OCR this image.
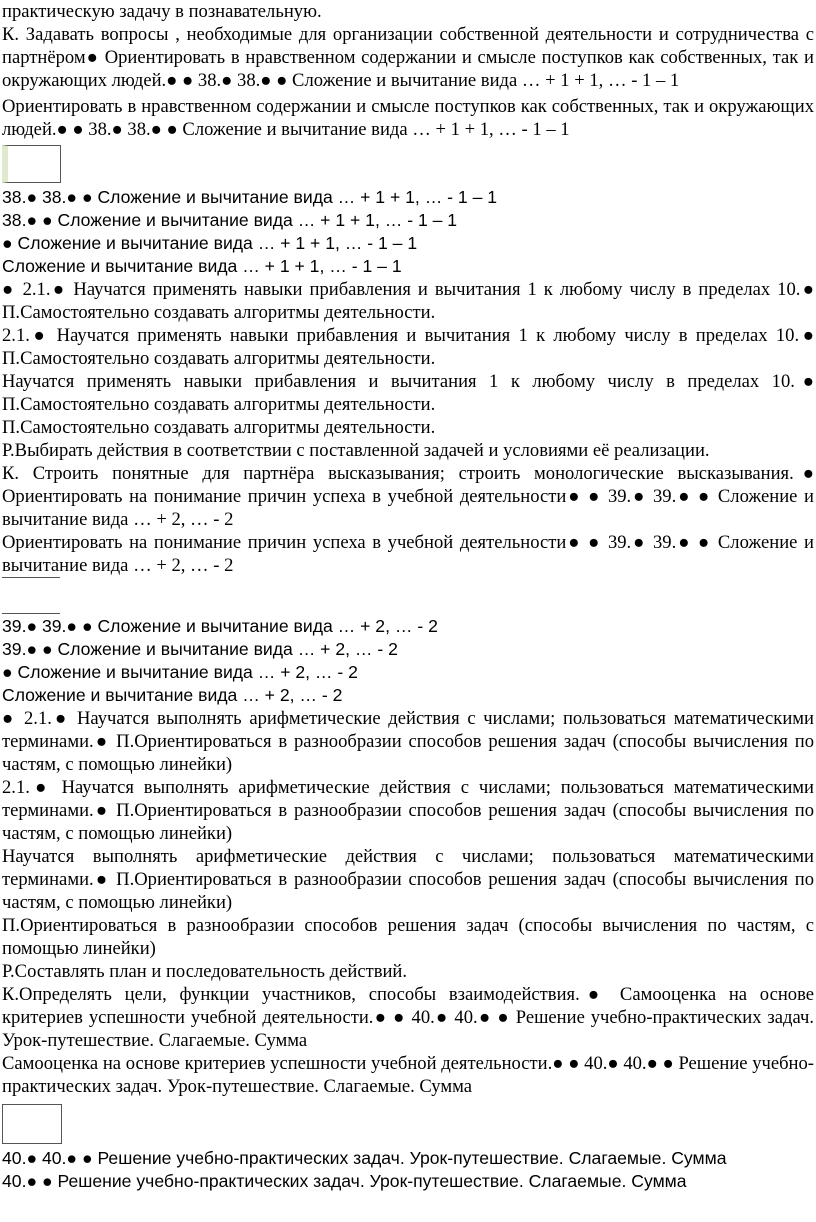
практическую задачу в познавательную.

К. Задавать вопросы , необходимые для организации собственной деятельности и сотрудничества с партнёром● Ориентировать в нравственном содержании и смысле поступков как собственных, так и окружающих людей.● ● 38.● 38.● ● Сложение и вычитание вида … + 1 + 1, … - 1 – 1

Ориентировать в нравственном содержании и смысле поступков как собственных, так и окружающих людей.● ● 38.● 38.● ● Сложение и вычитание вида … + 1 + 1, … - 1 – 1

38.● 38.● ● Сложение и вычитание вида … + 1 + 1, … - 1 – 1

38.● ● Сложение и вычитание вида … + 1 + 1, … - 1 – 1

● Сложение и вычитание вида … + 1 + 1, … - 1 – 1

Сложение и вычитание вида … + 1 + 1, … - 1 – 1

● 2.1.● Научатся применять навыки прибавления и вычитания 1 к любому числу в пределах 10.● П.Самостоятельно создавать алгоритмы деятельности.

2.1.● Научатся применять навыки прибавления и вычитания 1 к любому числу в пределах 10.● П.Самостоятельно создавать алгоритмы деятельности.

Научатся применять навыки прибавления и вычитания 1 к любому числу в пределах 10.● П.Самостоятельно создавать алгоритмы деятельности.

П.Самостоятельно создавать алгоритмы деятельности.

Р.Выбирать действия в соответствии с поставленной задачей и условиями её реализации.

К. Строить понятные для партнёра высказывания; строить монологические высказывания.● Ориентировать на понимание причин успеха в учебной деятельности● ● 39.● 39.● ● Сложение и вычитание вида … + 2, … - 2

Ориентировать на понимание причин успеха в учебной деятельности● ● 39.● 39.● ● Сложение и вычитание вида … + 2, … - 2

39.● 39.● ● Сложение и вычитание вида … + 2, … - 2

39.● ● Сложение и вычитание вида … + 2, … - 2

● Сложение и вычитание вида … + 2, … - 2

Сложение и вычитание вида … + 2, … - 2

● 2.1.● Научатся выполнять арифметические действия с числами; пользоваться математическими терминами.● П.Ориентироваться в разнообразии способов решения задач (способы вычисления по частям, с помощью линейки)

2.1.● Научатся выполнять арифметические действия с числами; пользоваться математическими терминами.● П.Ориентироваться в разнообразии способов решения задач (способы вычисления по частям, с помощью линейки)

Научатся выполнять арифметические действия с числами; пользоваться математическими терминами.● П.Ориентироваться в разнообразии способов решения задач (способы вычисления по частям, с помощью линейки)

П.Ориентироваться в разнообразии способов решения задач (способы вычисления по частям, с помощью линейки)

Р.Составлять план и последовательность действий.

К.Определять цели, функции участников, способы взаимодействия.● Самооценка на основе критериев успешности учебной деятельности.● ● 40.● 40.● ● Решение учебно-практических задач. Урок-путешествие. Слагаемые. Сумма

Самооценка на основе критериев успешности учебной деятельности.● ● 40.● 40.● ● Решение учебно-практических задач. Урок-путешествие. Слагаемые. Сумма

40.● 40.● ● Решение учебно-практических задач. Урок-путешествие. Слагаемые. Сумма

40.● ● Решение учебно-практических задач. Урок-путешествие. Слагаемые. Сумма
